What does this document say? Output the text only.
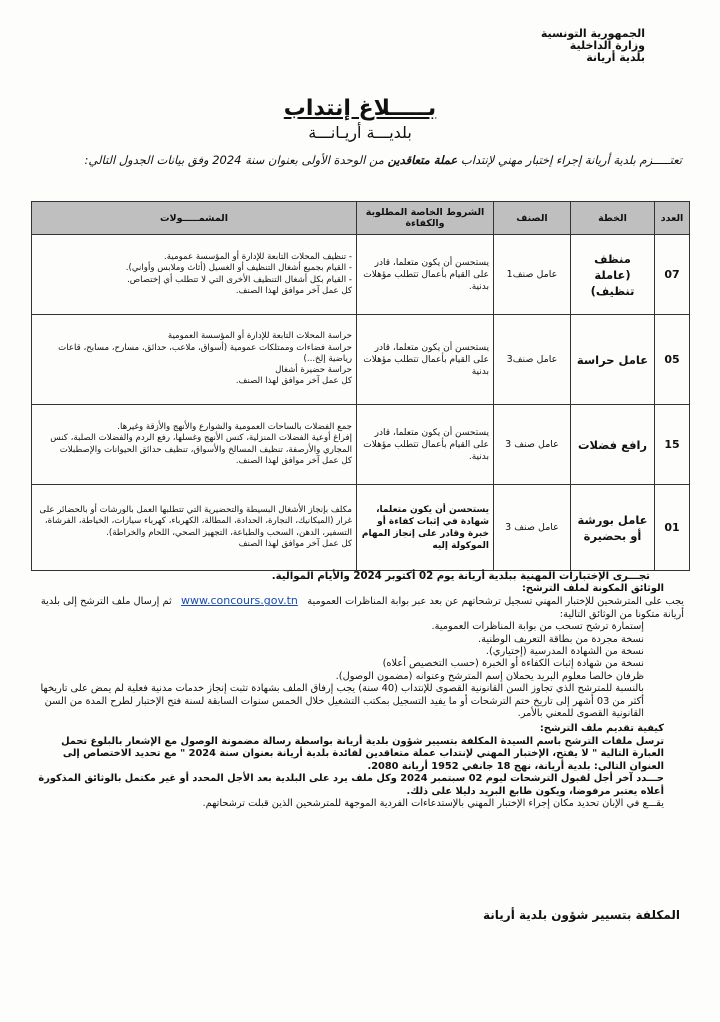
الجمهورية التونسية
وزارة الداخلية
بلدية أريانة
بـــــلاغ إنتداب
بلديـــة أريـانـــة
تعتـــــزم بلدية أريانة إجراء إختبار مهني لإنتداب عملة متعاقدين من الوحدة الأولى بعنوان سنة 2024 وفق بيانات الجدول التالي:
العدد	الخطة	الصنف	الشروط الخاصة المطلوبة والكفاءة	المشمـــــولات
07	منظف (عاملة تنظيف)	عامل صنف1	يستحسن أن يكون متعلما، قادر على القيام بأعمال تتطلب مؤهلات بدنية.	- تنظيف المحلات التابعة للإدارة أو المؤسسة عمومية.
- القيام بجميع أشغال التنظيف أو الغسيل (أثاث وملابس وأواني).
- القيام بكل أشغال التنظيف الأخرى التي لا تتطلب أي إختصاص.
كل عمل آخر موافق لهذا الصنف.

05	عامل حراسة	عامل صنف3	يستحسن أن يكون متعلما، قادر على القيام بأعمال تتطلب مؤهلات بدنية	حراسة المحلات التابعة للإدارة أو المؤسسة العمومية
حراسة فضاءات وممتلكات عمومية (أسواق، ملاعب، حدائق، مسارح، مسابح، قاعات رياضية إلخ...)
حراسة حضيرة أشغال
كل عمل آخر موافق لهذا الصنف.

15	رافع فضلات	عامل صنف 3	يستحسن أن يكون متعلما، قادر على القيام بأعمال تتطلب مؤهلات بدنية.	جمع الفضلات بالساحات العمومية والشوارع والأنهج والأزقة وغيرها.
إفراغ أوعية الفضلات المنزلية، كنس الأنهج وغسلها، رفع الردم والفضلات الصلبة، كنس المجاري والأرصفة، تنظيف المسالخ والأسواق، تنظيف حدائق الحيوانات والإصطبلات
كل عمل آخر موافق لهذا الصنف.

01	عامل بورشة أو بحضيرة	عامل صنف 3	يستحسن أن يكون متعلما، شهادة في إثبات كفاءة أو خبرة وقادر على إنجاز المهام الموكولة إليه	مكلف بإنجاز الأشغال البسيطة والتحضيرية التي تتطلبها العمل بالورشات أو بالحضائر على غرار (الميكانيك، النجارة، الحدادة، المطالة، الكهرباء، كهرباء سيارات، الخياطة، الفرشاة، التسفير، الدهن، السحب والطباعة، التجهيز الصحي، اللحام والخراطة).
كل عمل آخر موافق لهذا الصنف

تجـــرى الإختبارات المهنية ببلدية أريانة يوم 02 أكتوبر 2024 والأيام الموالية.

الوثائق المكونة لملف الترشح:

يجب على المترشحين للإختبار المهني تسجيل ترشحاتهم عن بعد عبر بوابة المناظرات العمومية   www.concours.gov.tn   ثم إرسال ملف الترشح إلى بلدية أريانة متكونا من الوثائق التالية:

إستمارة ترشح تسحب من بوابة المناظرات العمومية.

نسخة مجردة من بطاقة التعريف الوطنية.

نسخة من الشهادة المدرسية (إختياري).

نسخة من شهادة إثبات الكفاءة أو الخبرة (حسب التخصيص أعلاه)

ظرفان خالصا معلوم البريد يحملان إسم المترشح وعنوانه (مضمون الوصول).

بالنسبة للمترشح الذي تجاوز السن القانونية القصوى للإنتداب (40 سنة) يجب إرفاق الملف بشهادة تثبت إنجاز خدمات مدنية فعلية لم يمض على تاريخها أكثر من 03 أشهر إلى تاريخ ختم الترشحات أو ما يفيد التسجيل بمكتب التشغيل خلال الخمس سنوات السابقة لسنة فتح الإختبار لطرح المدة من السن القانونية القصوى للمعني بالأمر.

كيفية تقديم ملف الترشح:

ترسل ملفات الترشح باسم السيدة المكلفة بتسيير شؤون بلدية أريانة بواسطة رسالة مضمونة الوصول مع الإشعار بالبلوغ تحمل العبارة التالية " لا يفتح، الإختبار المهني لإنتداب عملة متعاقدين لفائدة بلدية أريانة بعنوان سنة 2024 " مع تحديد الاختصاص إلى العنوان التالي: بلدية أريانة، نهج 18 جانفي 1952 أريانة 2080.

حـــدد آخر أجل لقبول الترشحات ليوم 02 سبتمبر 2024 وكل ملف يرد على البلدية بعد الأجل المحدد أو غير مكتمل بالوثائق المذكورة أعلاه يعتبر مرفوضا، ويكون طابع البريد دليلا على ذلك.

يقـــع في الإبان تحديد مكان إجراء الإختبار المهني بالإستدعاءات الفردية الموجهة للمترشحين الذين قبلت ترشحاتهم.

المكلفة بتسيير شؤون بلدية أريانة
